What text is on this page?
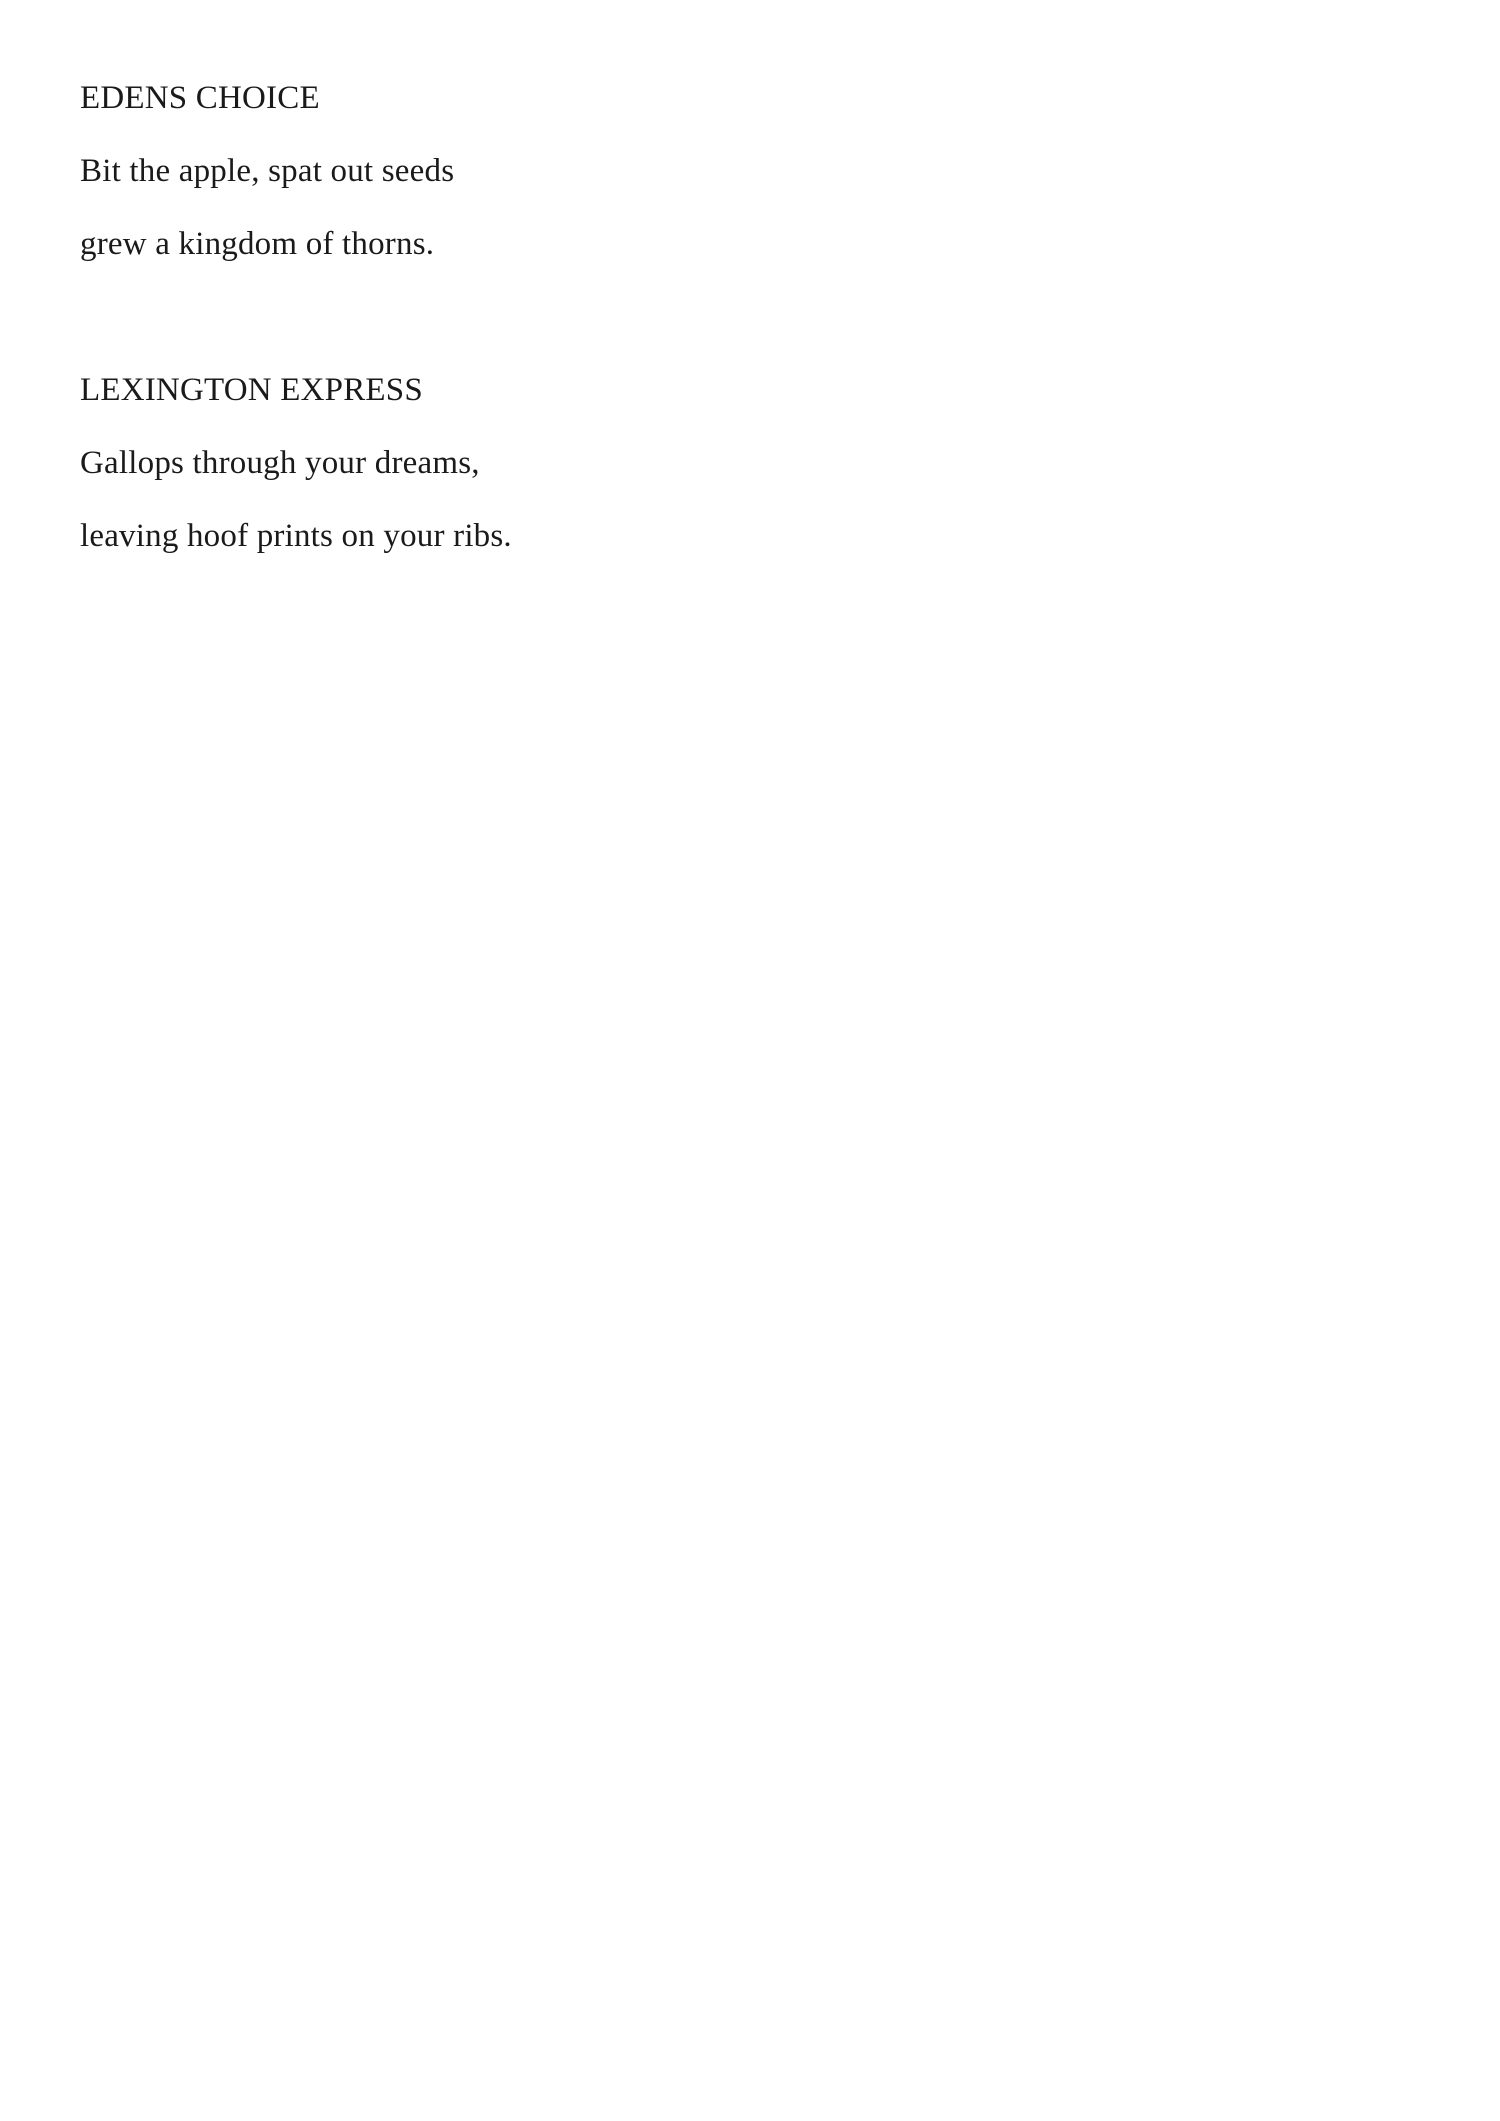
EDENS CHOICE

Bit the apple, spat out seeds

grew a kingdom of thorns.

LEXINGTON EXPRESS

Gallops through your dreams,

leaving hoof prints on your ribs.
